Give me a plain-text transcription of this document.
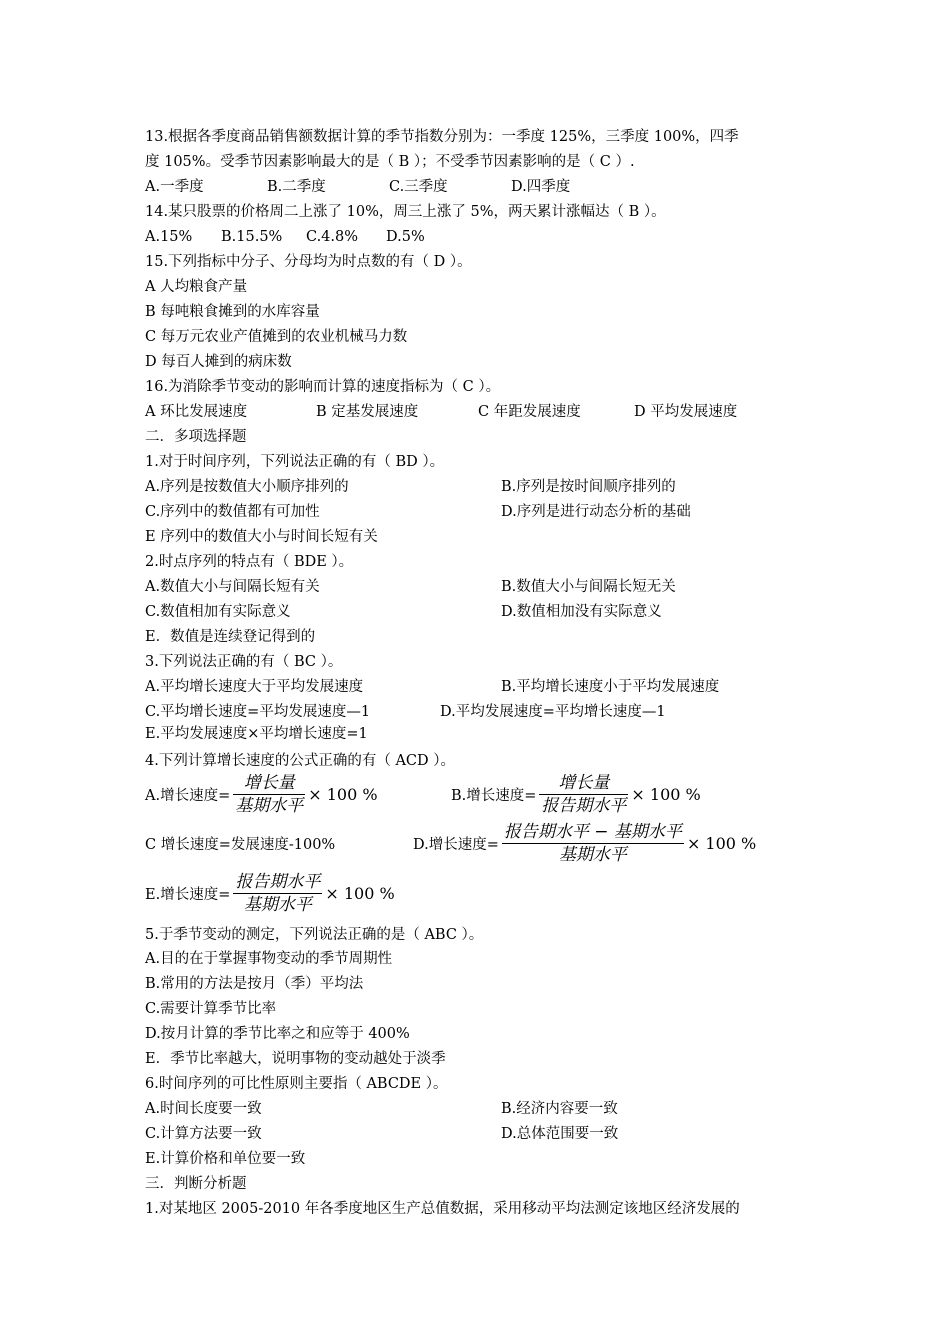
13.根据各季度商品销售额数据计算的季节指数分别为：一季度 125%，三季度 100%，四季
度 105%。受季节因素影响最大的是（ B ）；不受季节因素影响的是（ C ）.
A.一季度	B.二季度	C.三季度	D.四季度
14.某只股票的价格周二上涨了 10%，周三上涨了 5%，两天累计涨幅达（ B ）。
A.15% B.15.5% C.4.8% D.5%
15.下列指标中分子、分母均为时点数的有（ D ）。
A 人均粮食产量
B 每吨粮食摊到的水库容量
C 每万元农业产值摊到的农业机械马力数
D 每百人摊到的病床数
16.为消除季节变动的影响而计算的速度指标为（ C ）。
A 环比发展速度	B 定基发展速度	C 年距发展速度	D 平均发展速度
二．多项选择题
1.对于时间序列，下列说法正确的有（ BD ）。
A.序列是按数值大小顺序排列的	B.序列是按时间顺序排列的
C.序列中的数值都有可加性	D.序列是进行动态分析的基础
E 序列中的数值大小与时间长短有关
2.时点序列的特点有（ BDE ）。
A.数值大小与间隔长短有关	B.数值大小与间隔长短无关
C.数值相加有实际意义	D.数值相加没有实际意义
E．数值是连续登记得到的
3.下列说法正确的有（ BC ）。
A.平均增长速度大于平均发展速度	B.平均增长速度小于平均发展速度
C.平均增长速度=平均发展速度—1	D.平均发展速度=平均增长速度—1
E.平均发展速度×平均增长速度=1
4.下列计算增长速度的公式正确的有（ ACD ）。
A.增长速度= $\frac{\text{增长量}}{\text{基期水平}} \times 100$ %	B.增长速度= $\frac{\text{增长量}}{\text{报告期水平}} \times 100$ %
C 增长速度=发展速度-100%	D.增长速度= $\frac{\text{报告期水平 − 基期水平}}{\text{基期水平}} \times 100$ %
E.增长速度= $\frac{\text{报告期水平}}{\text{基期水平}} \times 100$ %
5.于季节变动的测定，下列说法正确的是（ ABC ）。
A.目的在于掌握事物变动的季节周期性
B.常用的方法是按月（季）平均法
C.需要计算季节比率
D.按月计算的季节比率之和应等于 400%
E．季节比率越大，说明事物的变动越处于淡季
6.时间序列的可比性原则主要指（ ABCDE ）。
A.时间长度要一致	B.经济内容要一致
C.计算方法要一致	D.总体范围要一致
E.计算价格和单位要一致
三．判断分析题
1.对某地区 2005-2010 年各季度地区生产总值数据，采用移动平均法测定该地区经济发展的
